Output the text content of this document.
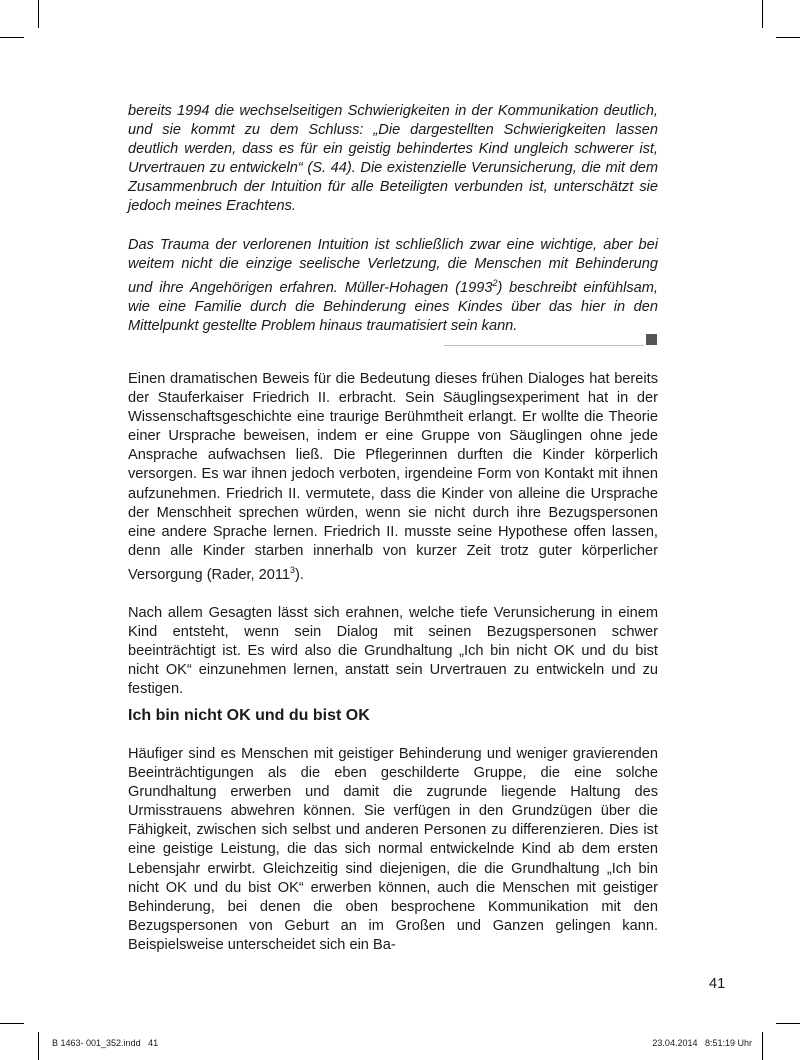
bereits 1994 die wechselseitigen Schwierigkeiten in der Kommunikation deutlich, und sie kommt zu dem Schluss: „Die dargestellten Schwierigkeiten lassen deutlich werden, dass es für ein geistig behindertes Kind ungleich schwerer ist, Urvertrauen zu entwickeln“ (S. 44). Die existenzielle Verunsicherung, die mit dem Zusammenbruch der Intuition für alle Beteiligten verbunden ist, unterschätzt sie jedoch meines Erachtens.

Das Trauma der verlorenen Intuition ist schließlich zwar eine wichtige, aber bei weitem nicht die einzige seelische Verletzung, die Menschen mit Behinderung und ihre Angehörigen erfahren. Müller-Hohagen (1993$^2$) beschreibt einfühlsam, wie eine Familie durch die Behinderung eines Kindes über das hier in den Mittelpunkt gestellte Problem hinaus traumatisiert sein kann.

Einen dramatischen Beweis für die Bedeutung dieses frühen Dialoges hat bereits der Stauferkaiser Friedrich II. erbracht. Sein Säuglingsexperiment hat in der Wissenschaftsgeschichte eine traurige Berühmtheit erlangt. Er wollte die Theorie einer Ursprache beweisen, indem er eine Gruppe von Säuglingen ohne jede Ansprache aufwachsen ließ. Die Pflegerinnen durften die Kinder körperlich versorgen. Es war ihnen jedoch verboten, irgendeine Form von Kontakt mit ihnen aufzunehmen. Friedrich II. vermutete, dass die Kinder von alleine die Ursprache der Menschheit sprechen würden, wenn sie nicht durch ihre Bezugspersonen eine andere Sprache lernen. Friedrich II. musste seine Hypothese offen lassen, denn alle Kinder starben innerhalb von kurzer Zeit trotz guter körperlicher Versorgung (Rader, 2011$^3$).

Nach allem Gesagten lässt sich erahnen, welche tiefe Verunsicherung in einem Kind entsteht, wenn sein Dialog mit seinen Bezugspersonen schwer beeinträchtigt ist. Es wird also die Grundhaltung „Ich bin nicht OK und du bist nicht OK“ einzunehmen lernen, anstatt sein Urvertrauen zu entwickeln und zu festigen.

Ich bin nicht OK und du bist OK

Häufiger sind es Menschen mit geistiger Behinderung und weniger gravierenden Beeinträchtigungen als die eben geschilderte Gruppe, die eine solche Grundhaltung erwerben und damit die zugrunde liegende Haltung des Urmisstrauens abwehren können. Sie verfügen in den Grundzügen über die Fähigkeit, zwischen sich selbst und anderen Personen zu differenzieren. Dies ist eine geistige Leistung, die das sich normal entwickelnde Kind ab dem ersten Lebensjahr erwirbt. Gleichzeitig sind diejenigen, die die Grundhaltung „Ich bin nicht OK und du bist OK“ erwerben können, auch die Menschen mit geistiger Behinderung, bei denen die oben besprochene Kommunikation mit den Bezugspersonen von Geburt an im Großen und Ganzen gelingen kann. Beispielsweise unterscheidet sich ein Ba-

41
B 1463- 001_352.indd   41	23.04.2014   8:51:19 Uhr
